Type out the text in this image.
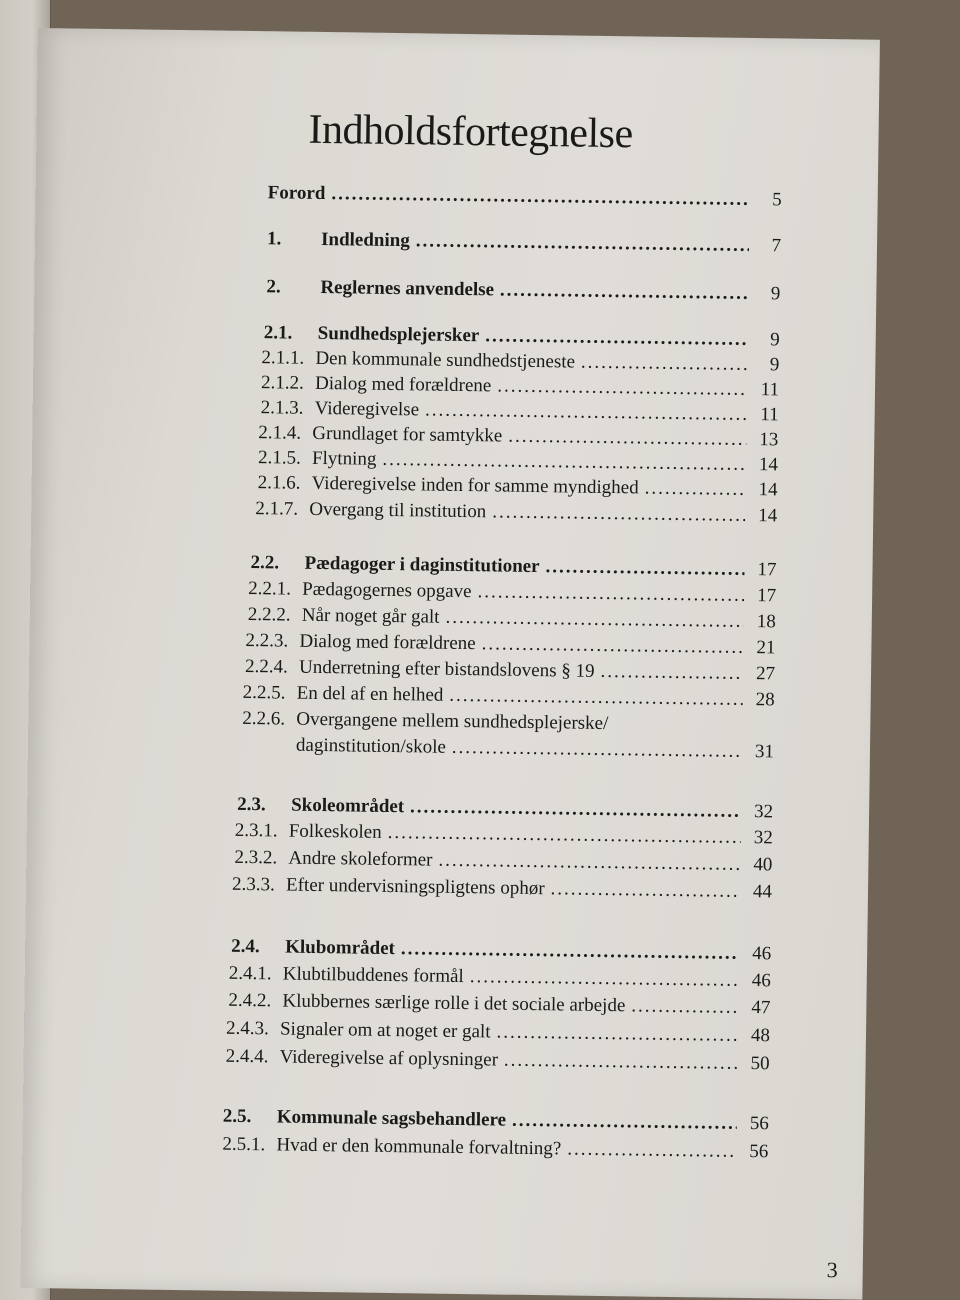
Indholdsfortegnelse
Forord .....	5
1.	Indledning .....	7
2.	Reglernes anvendelse .....	9
2.1.	Sundhedsplejersker .....	9
2.1.1. Den kommunale sundhedstjeneste .....	9
2.1.2. Dialog med forældrene .....	11
2.1.3. Videregivelse .....	11
2.1.4. Grundlaget for samtykke .....	13
2.1.5. Flytning .....	14
2.1.6. Videregivelse inden for samme myndighed .....	14
2.1.7. Overgang til institution .....	14
2.2.	Pædagoger i daginstitutioner .....	17
2.2.1. Pædagogernes opgave .....	17
2.2.2. Når noget går galt .....	18
2.2.3. Dialog med forældrene .....	21
2.2.4. Underretning efter bistandslovens § 19 .....	27
2.2.5. En del af en helhed .....	28
2.2.6. Overgangene mellem sundhedsplejerske/
daginstitution/skole .....	31
2.3.	Skoleområdet .....	32
2.3.1. Folkeskolen .....	32
2.3.2. Andre skoleformer .....	40
2.3.3. Efter undervisningspligtens ophør .....	44
2.4.	Klubområdet .....	46
2.4.1. Klubtilbuddenes formål .....	46
2.4.2. Klubbernes særlige rolle i det sociale arbejde .....	47
2.4.3. Signaler om at noget er galt .....	48
2.4.4. Videregivelse af oplysninger .....	50
2.5.	Kommunale sagsbehandlere .....	56
2.5.1. Hvad er den kommunale forvaltning? .....	56
3
